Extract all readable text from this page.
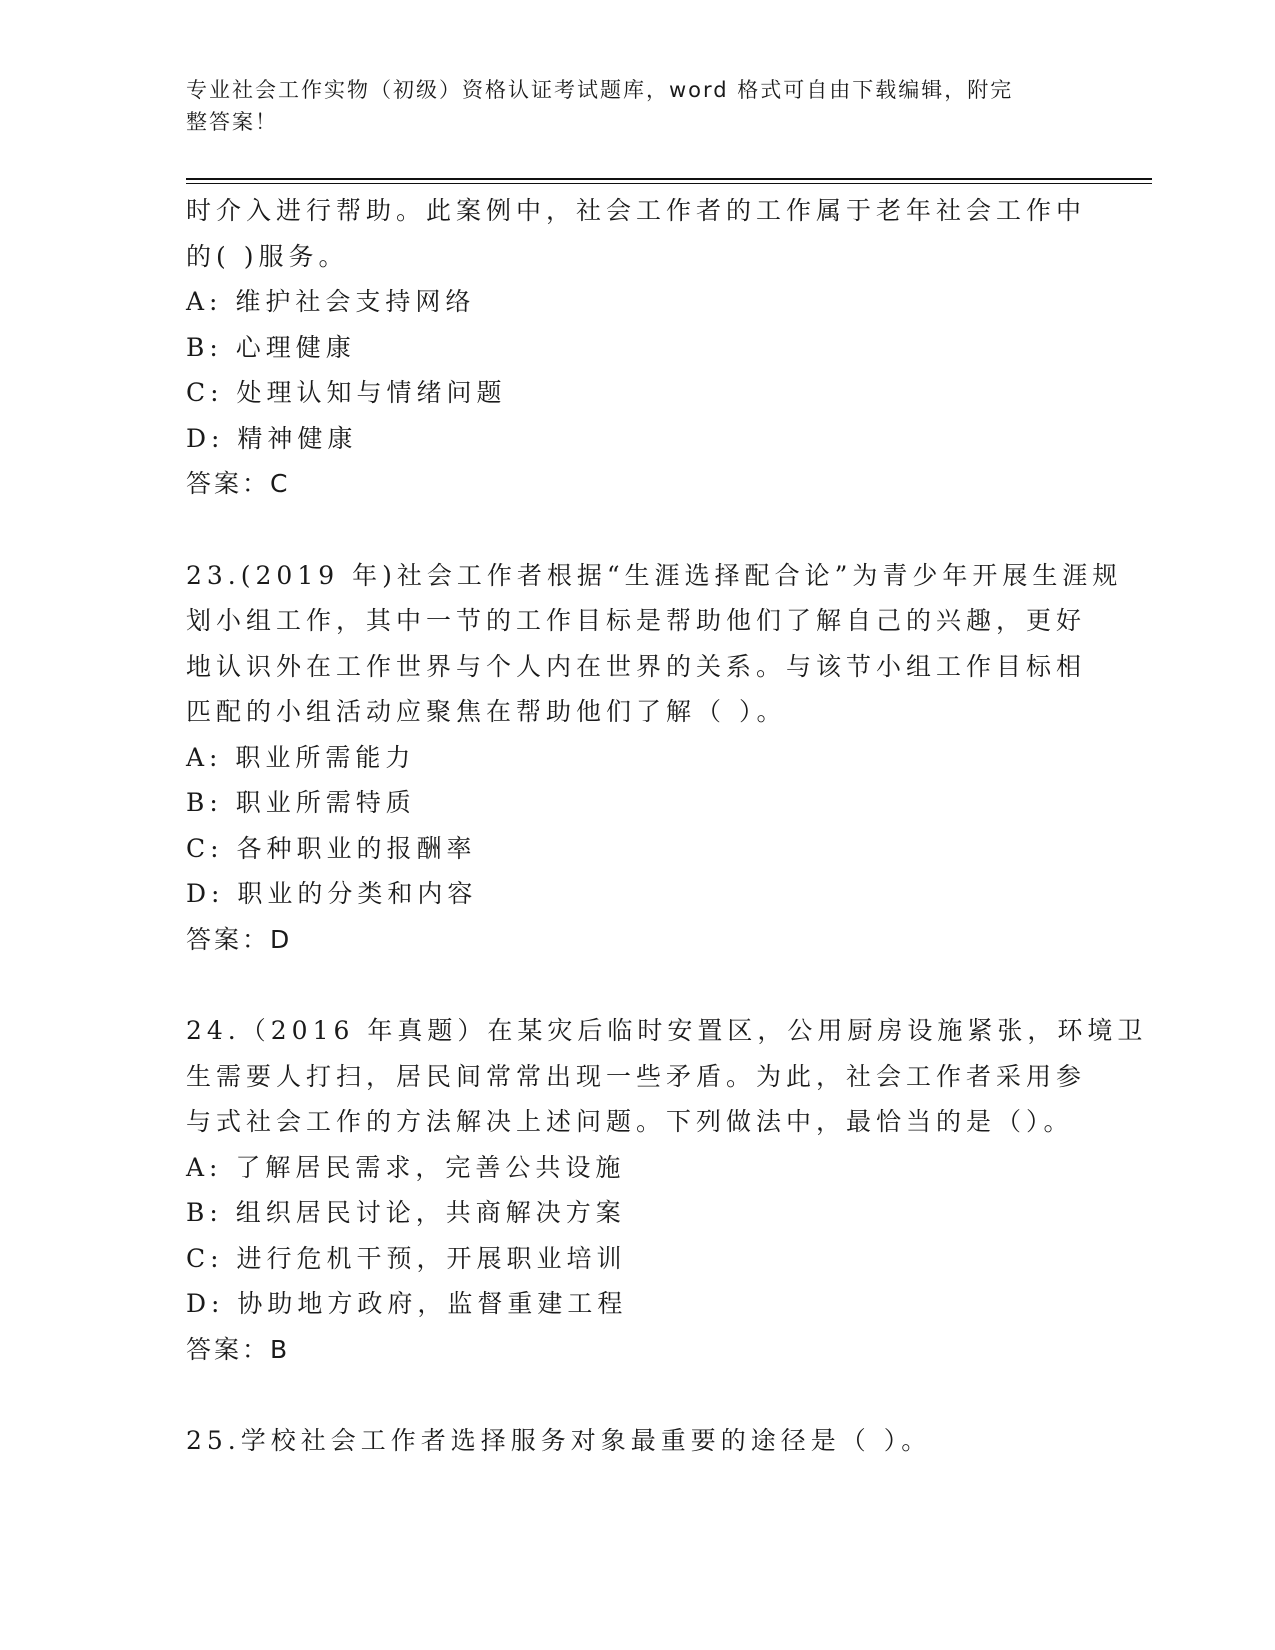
专业社会工作实物（初级）资格认证考试题库，word 格式可自由下载编辑，附完
整答案！
时介入进行帮助。此案例中，社会工作者的工作属于老年社会工作中
的( )服务。
A: 维护社会支持网络
B: 心理健康
C: 处理认知与情绪问题
D: 精神健康
答案：C
23.(2019 年)社会工作者根据“生涯选择配合论”为青少年开展生涯规
划小组工作，其中一节的工作目标是帮助他们了解自己的兴趣，更好
地认识外在工作世界与个人内在世界的关系。与该节小组工作目标相
匹配的小组活动应聚焦在帮助他们了解（ ）。
A: 职业所需能力
B: 职业所需特质
C: 各种职业的报酬率
D: 职业的分类和内容
答案：D
24.（2016 年真题）在某灾后临时安置区，公用厨房设施紧张，环境卫
生需要人打扫，居民间常常出现一些矛盾。为此，社会工作者采用参
与式社会工作的方法解决上述问题。下列做法中，最恰当的是（）。
A: 了解居民需求，完善公共设施
B: 组织居民讨论，共商解决方案
C: 进行危机干预，开展职业培训
D: 协助地方政府，监督重建工程
答案：B
25.学校社会工作者选择服务对象最重要的途径是（ ）。
